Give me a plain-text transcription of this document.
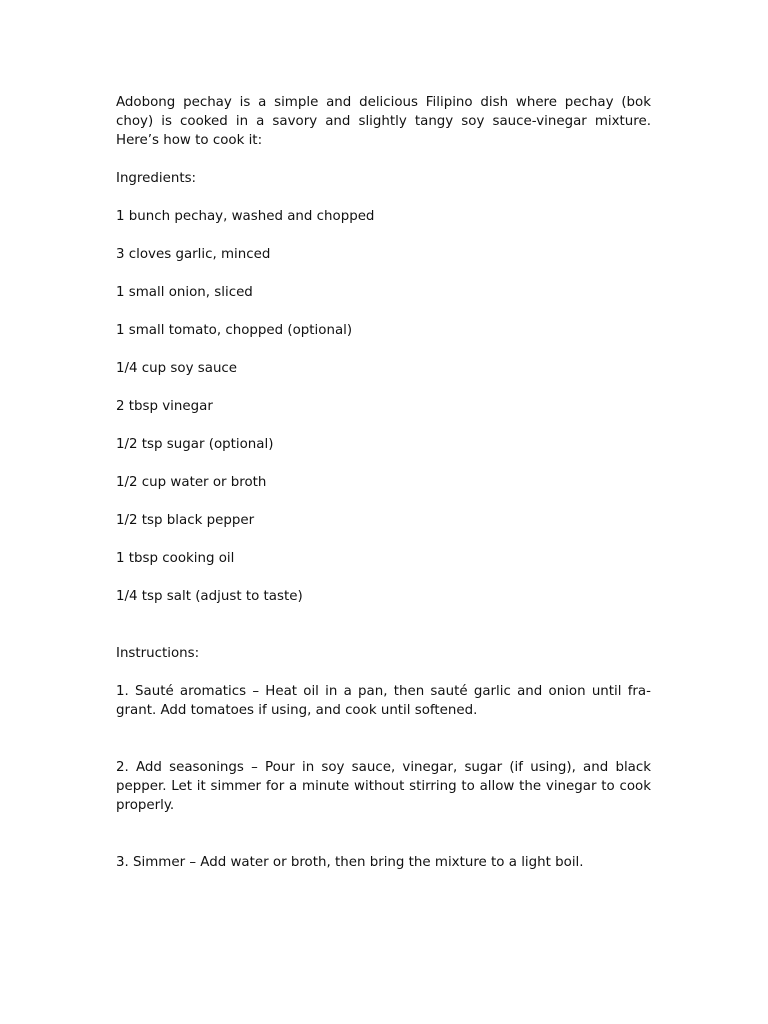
Adobong pechay is a simple and delicious Filipino dish where pechay (bok choy) is cooked in a savory and slightly tangy soy sauce-vinegar mixture. Here’s how to cook it:

Ingredients:

1 bunch pechay, washed and chopped

3 cloves garlic, minced

1 small onion, sliced

1 small tomato, chopped (optional)

1/4 cup soy sauce

2 tbsp vinegar

1/2 tsp sugar (optional)

1/2 cup water or broth

1/2 tsp black pepper

1 tbsp cooking oil

1/4 tsp salt (adjust to taste)

Instructions:

1. Sauté aromatics – Heat oil in a pan, then sauté garlic and onion until fragrant. Add tomatoes if using, and cook until softened.

2. Add seasonings – Pour in soy sauce, vinegar, sugar (if using), and black pepper. Let it simmer for a minute without stirring to allow the vinegar to cook properly.

3. Simmer – Add water or broth, then bring the mixture to a light boil.
